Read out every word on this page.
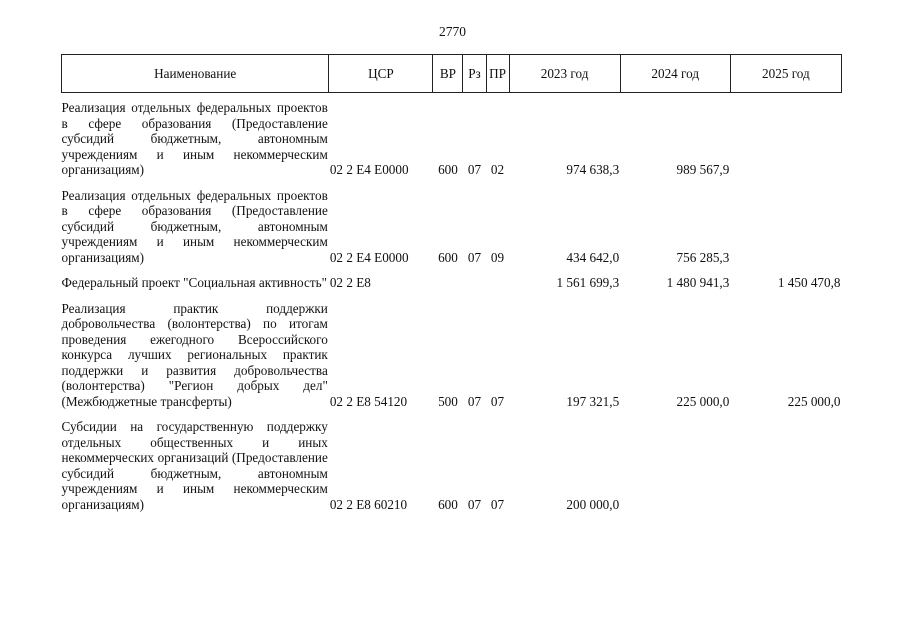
2770
Наименование	ЦСР	ВР	Рз	ПР	2023 год	2024 год	2025 год
Реализация отдельных федеральных проектов в сфере образования (Предоставление субсидий бюджетным, автономным учреждениям и иным некоммерческим организациям)	02 2 E4 E0000	600	07	02	974 638,3	989 567,9	
Реализация отдельных федеральных проектов в сфере образования (Предоставление субсидий бюджетным, автономным учреждениям и иным некоммерческим организациям)	02 2 E4 E0000	600	07	09	434 642,0	756 285,3	
Федеральный проект "Социальная активность"	02 2 E8				1 561 699,3	1 480 941,3	1 450 470,8
Реализация практик поддержки добровольчества (волонтерства) по итогам проведения ежегодного Всероссийского конкурса лучших региональных практик поддержки и развития добровольчества (волонтерства) "Регион добрых дел" (Межбюджетные трансферты)	02 2 E8 54120	500	07	07	197 321,5	225 000,0	225 000,0
Субсидии на государственную поддержку отдельных общественных и иных некоммерческих организаций (Предоставление субсидий бюджетным, автономным учреждениям и иным некоммерческим организациям)	02 2 E8 60210	600	07	07	200 000,0		
